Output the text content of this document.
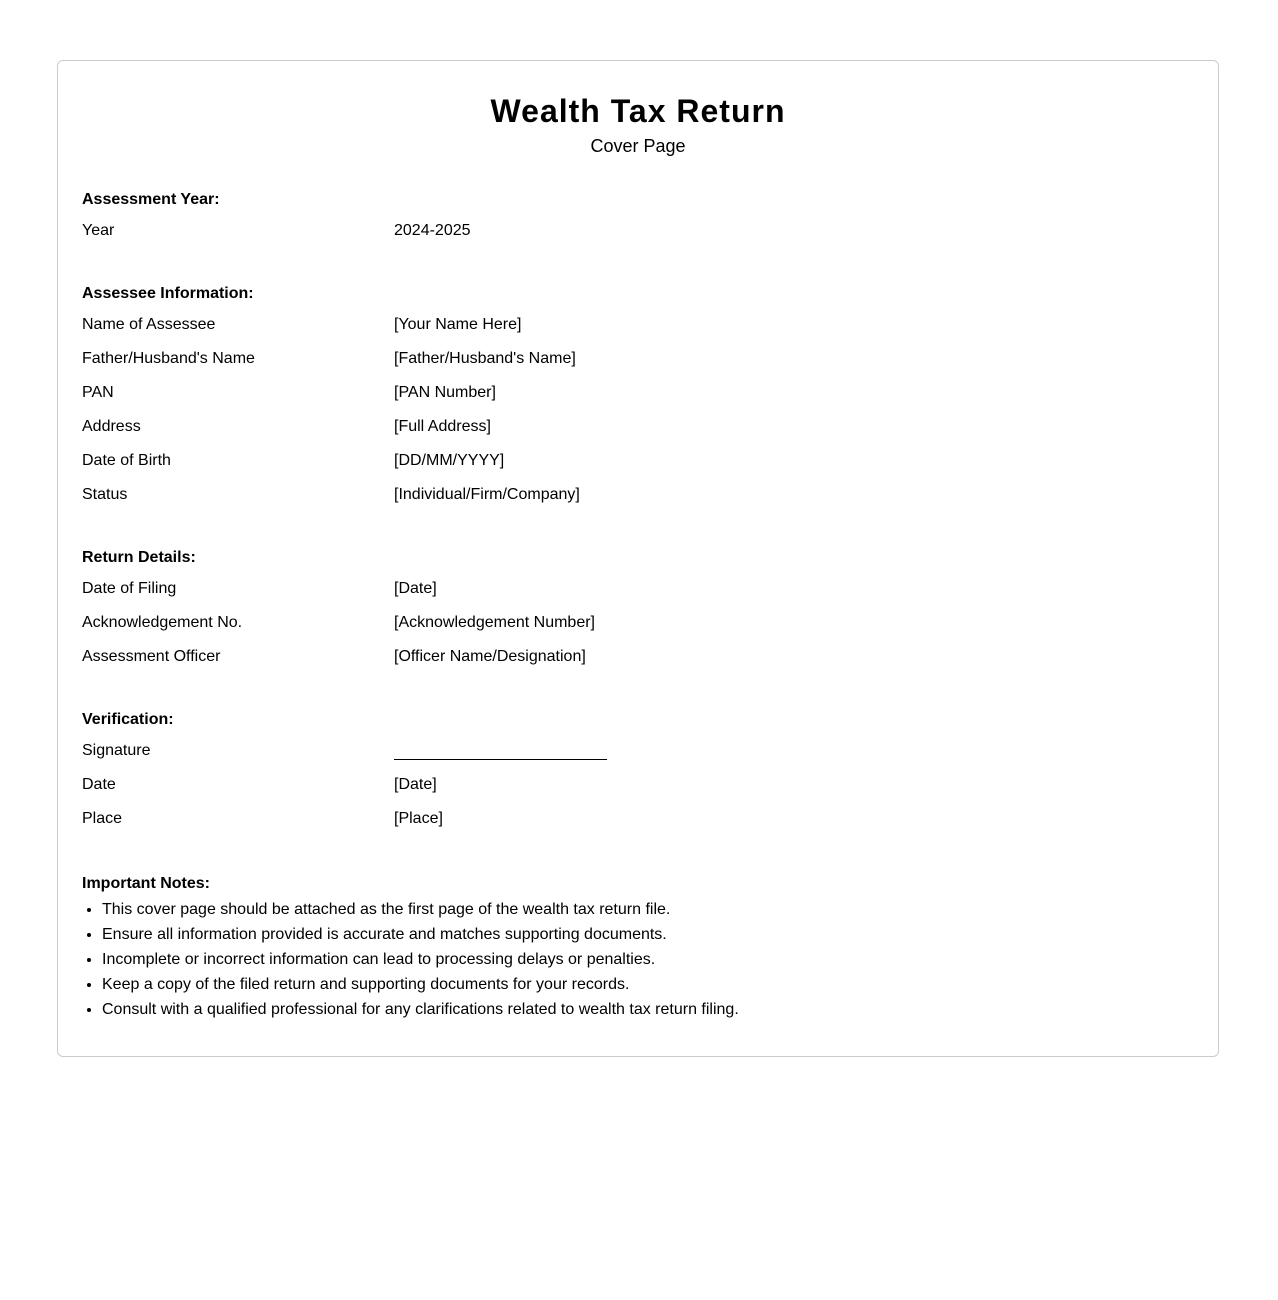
Wealth Tax Return
Cover Page
Assessment Year:
Year	2024-2025
Assessee Information:
Name of Assessee	[Your Name Here]
Father/Husband's Name	[Father/Husband's Name]
PAN	[PAN Number]
Address	[Full Address]
Date of Birth	[DD/MM/YYYY]
Status	[Individual/Firm/Company]
Return Details:
Date of Filing	[Date]
Acknowledgement No.	[Acknowledgement Number]
Assessment Officer	[Officer Name/Designation]
Verification:
Signature
Date	[Date]
Place	[Place]
Important Notes:
• This cover page should be attached as the first page of the wealth tax return file.
• Ensure all information provided is accurate and matches supporting documents.
• Incomplete or incorrect information can lead to processing delays or penalties.
• Keep a copy of the filed return and supporting documents for your records.
• Consult with a qualified professional for any clarifications related to wealth tax return filing.
